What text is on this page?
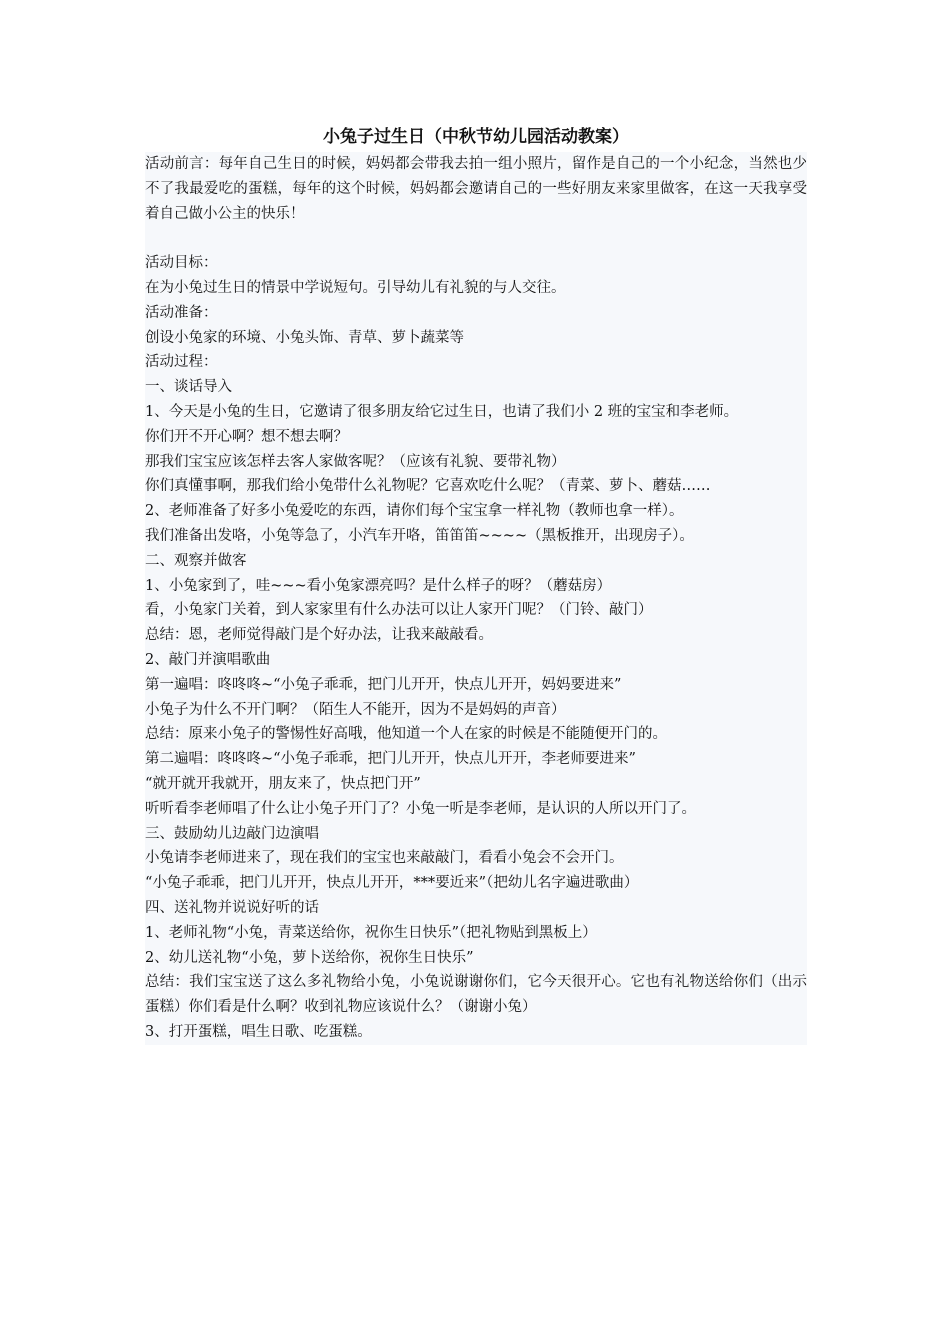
小兔子过生日（中秋节幼儿园活动教案）
活动前言：每年自己生日的时候，妈妈都会带我去拍一组小照片，留作是自己的一个小纪念，当然也少不了我最爱吃的蛋糕，每年的这个时候，妈妈都会邀请自己的一些好朋友来家里做客，在这一天我享受着自己做小公主的快乐！
活动目标：
在为小兔过生日的情景中学说短句。引导幼儿有礼貌的与人交往。
活动准备：
创设小兔家的环境、小兔头饰、青草、萝卜蔬菜等
活动过程：
一、谈话导入
1、今天是小兔的生日，它邀请了很多朋友给它过生日，也请了我们小 2 班的宝宝和李老师。
你们开不开心啊？想不想去啊？
那我们宝宝应该怎样去客人家做客呢？（应该有礼貌、要带礼物）
你们真懂事啊，那我们给小兔带什么礼物呢？它喜欢吃什么呢？（青菜、萝卜、蘑菇……
2、老师准备了好多小兔爱吃的东西，请你们每个宝宝拿一样礼物（教师也拿一样）。
我们准备出发咯，小兔等急了，小汽车开咯，笛笛笛~~~~（黑板推开，出现房子）。
二、观察并做客
1、小兔家到了，哇~~~看小兔家漂亮吗？是什么样子的呀？（蘑菇房）
看，小兔家门关着，到人家家里有什么办法可以让人家开门呢？（门铃、敲门）
总结：恩，老师觉得敲门是个好办法，让我来敲敲看。
2、敲门并演唱歌曲
第一遍唱：咚咚咚~“小兔子乖乖，把门儿开开，快点儿开开，妈妈要进来”
小兔子为什么不开门啊？（陌生人不能开，因为不是妈妈的声音）
总结：原来小兔子的警惕性好高哦，他知道一个人在家的时候是不能随便开门的。
第二遍唱：咚咚咚~“小兔子乖乖，把门儿开开，快点儿开开，李老师要进来”
“就开就开我就开，朋友来了，快点把门开”
听听看李老师唱了什么让小兔子开门了？小兔一听是李老师，是认识的人所以开门了。
三、鼓励幼儿边敲门边演唱
小兔请李老师进来了，现在我们的宝宝也来敲敲门，看看小兔会不会开门。
“小兔子乖乖，把门儿开开，快点儿开开，***要近来”（把幼儿名字遍进歌曲）
四、送礼物并说说好听的话
1、老师礼物“小兔，青菜送给你，祝你生日快乐”（把礼物贴到黑板上）
2、幼儿送礼物“小兔，萝卜送给你，祝你生日快乐”
总结：我们宝宝送了这么多礼物给小兔，小兔说谢谢你们，它今天很开心。它也有礼物送给你们（出示蛋糕）你们看是什么啊？收到礼物应该说什么？（谢谢小兔）
3、打开蛋糕，唱生日歌、吃蛋糕。
